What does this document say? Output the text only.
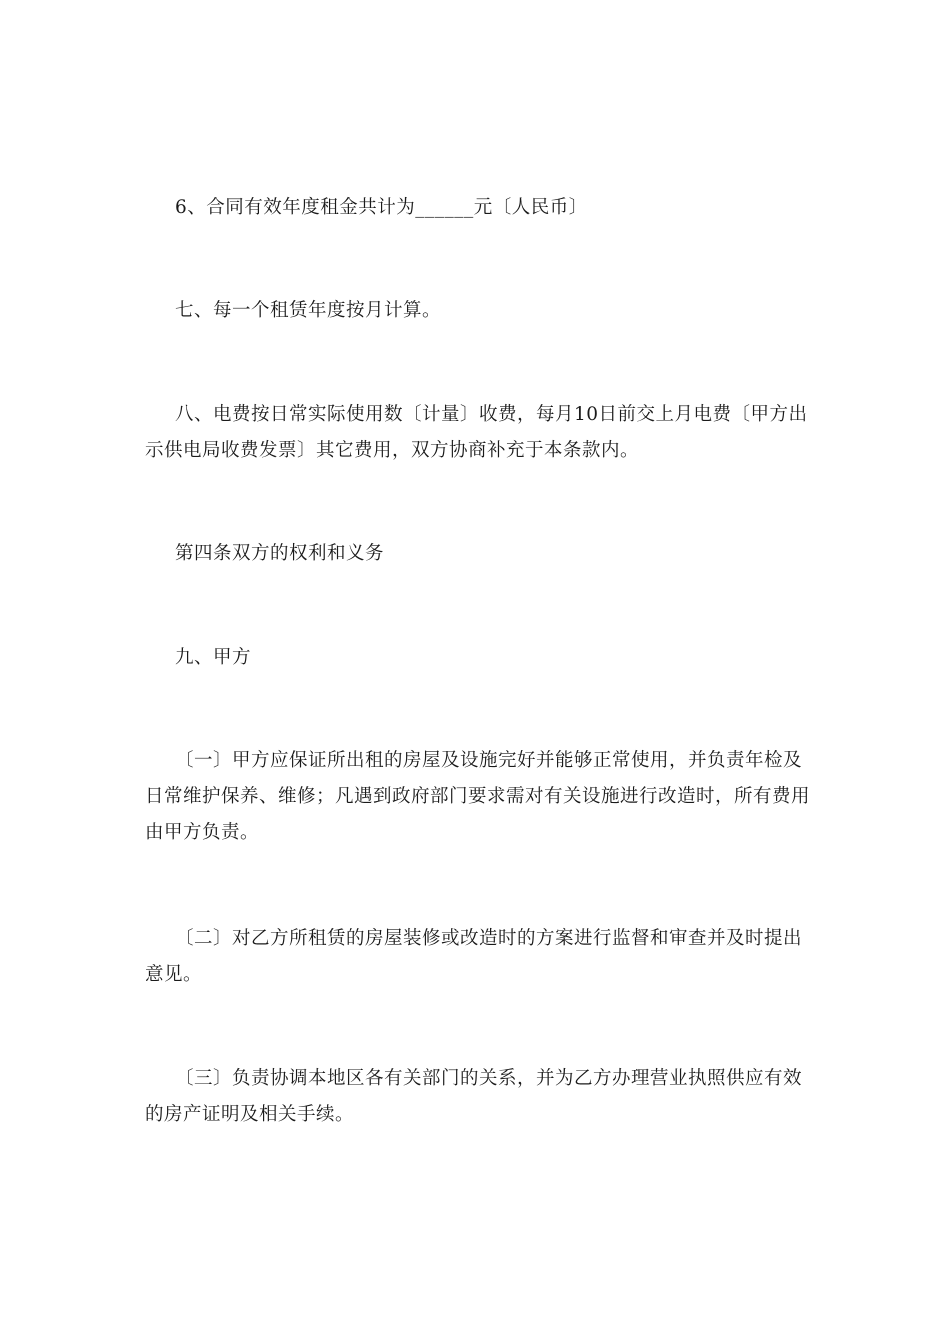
6、合同有效年度租金共计为______元〔人民币〕

七、每一个租赁年度按月计算。

八、电费按日常实际使用数〔计量〕收费，每月10日前交上月电费〔甲方出示供电局收费发票〕其它费用，双方协商补充于本条款内。

第四条双方的权利和义务

九、甲方

〔一〕甲方应保证所出租的房屋及设施完好并能够正常使用，并负责年检及日常维护保养、维修；凡遇到政府部门要求需对有关设施进行改造时，所有费用由甲方负责。

〔二〕对乙方所租赁的房屋装修或改造时的方案进行监督和审查并及时提出意见。

〔三〕负责协调本地区各有关部门的关系，并为乙方办理营业执照供应有效的房产证明及相关手续。
